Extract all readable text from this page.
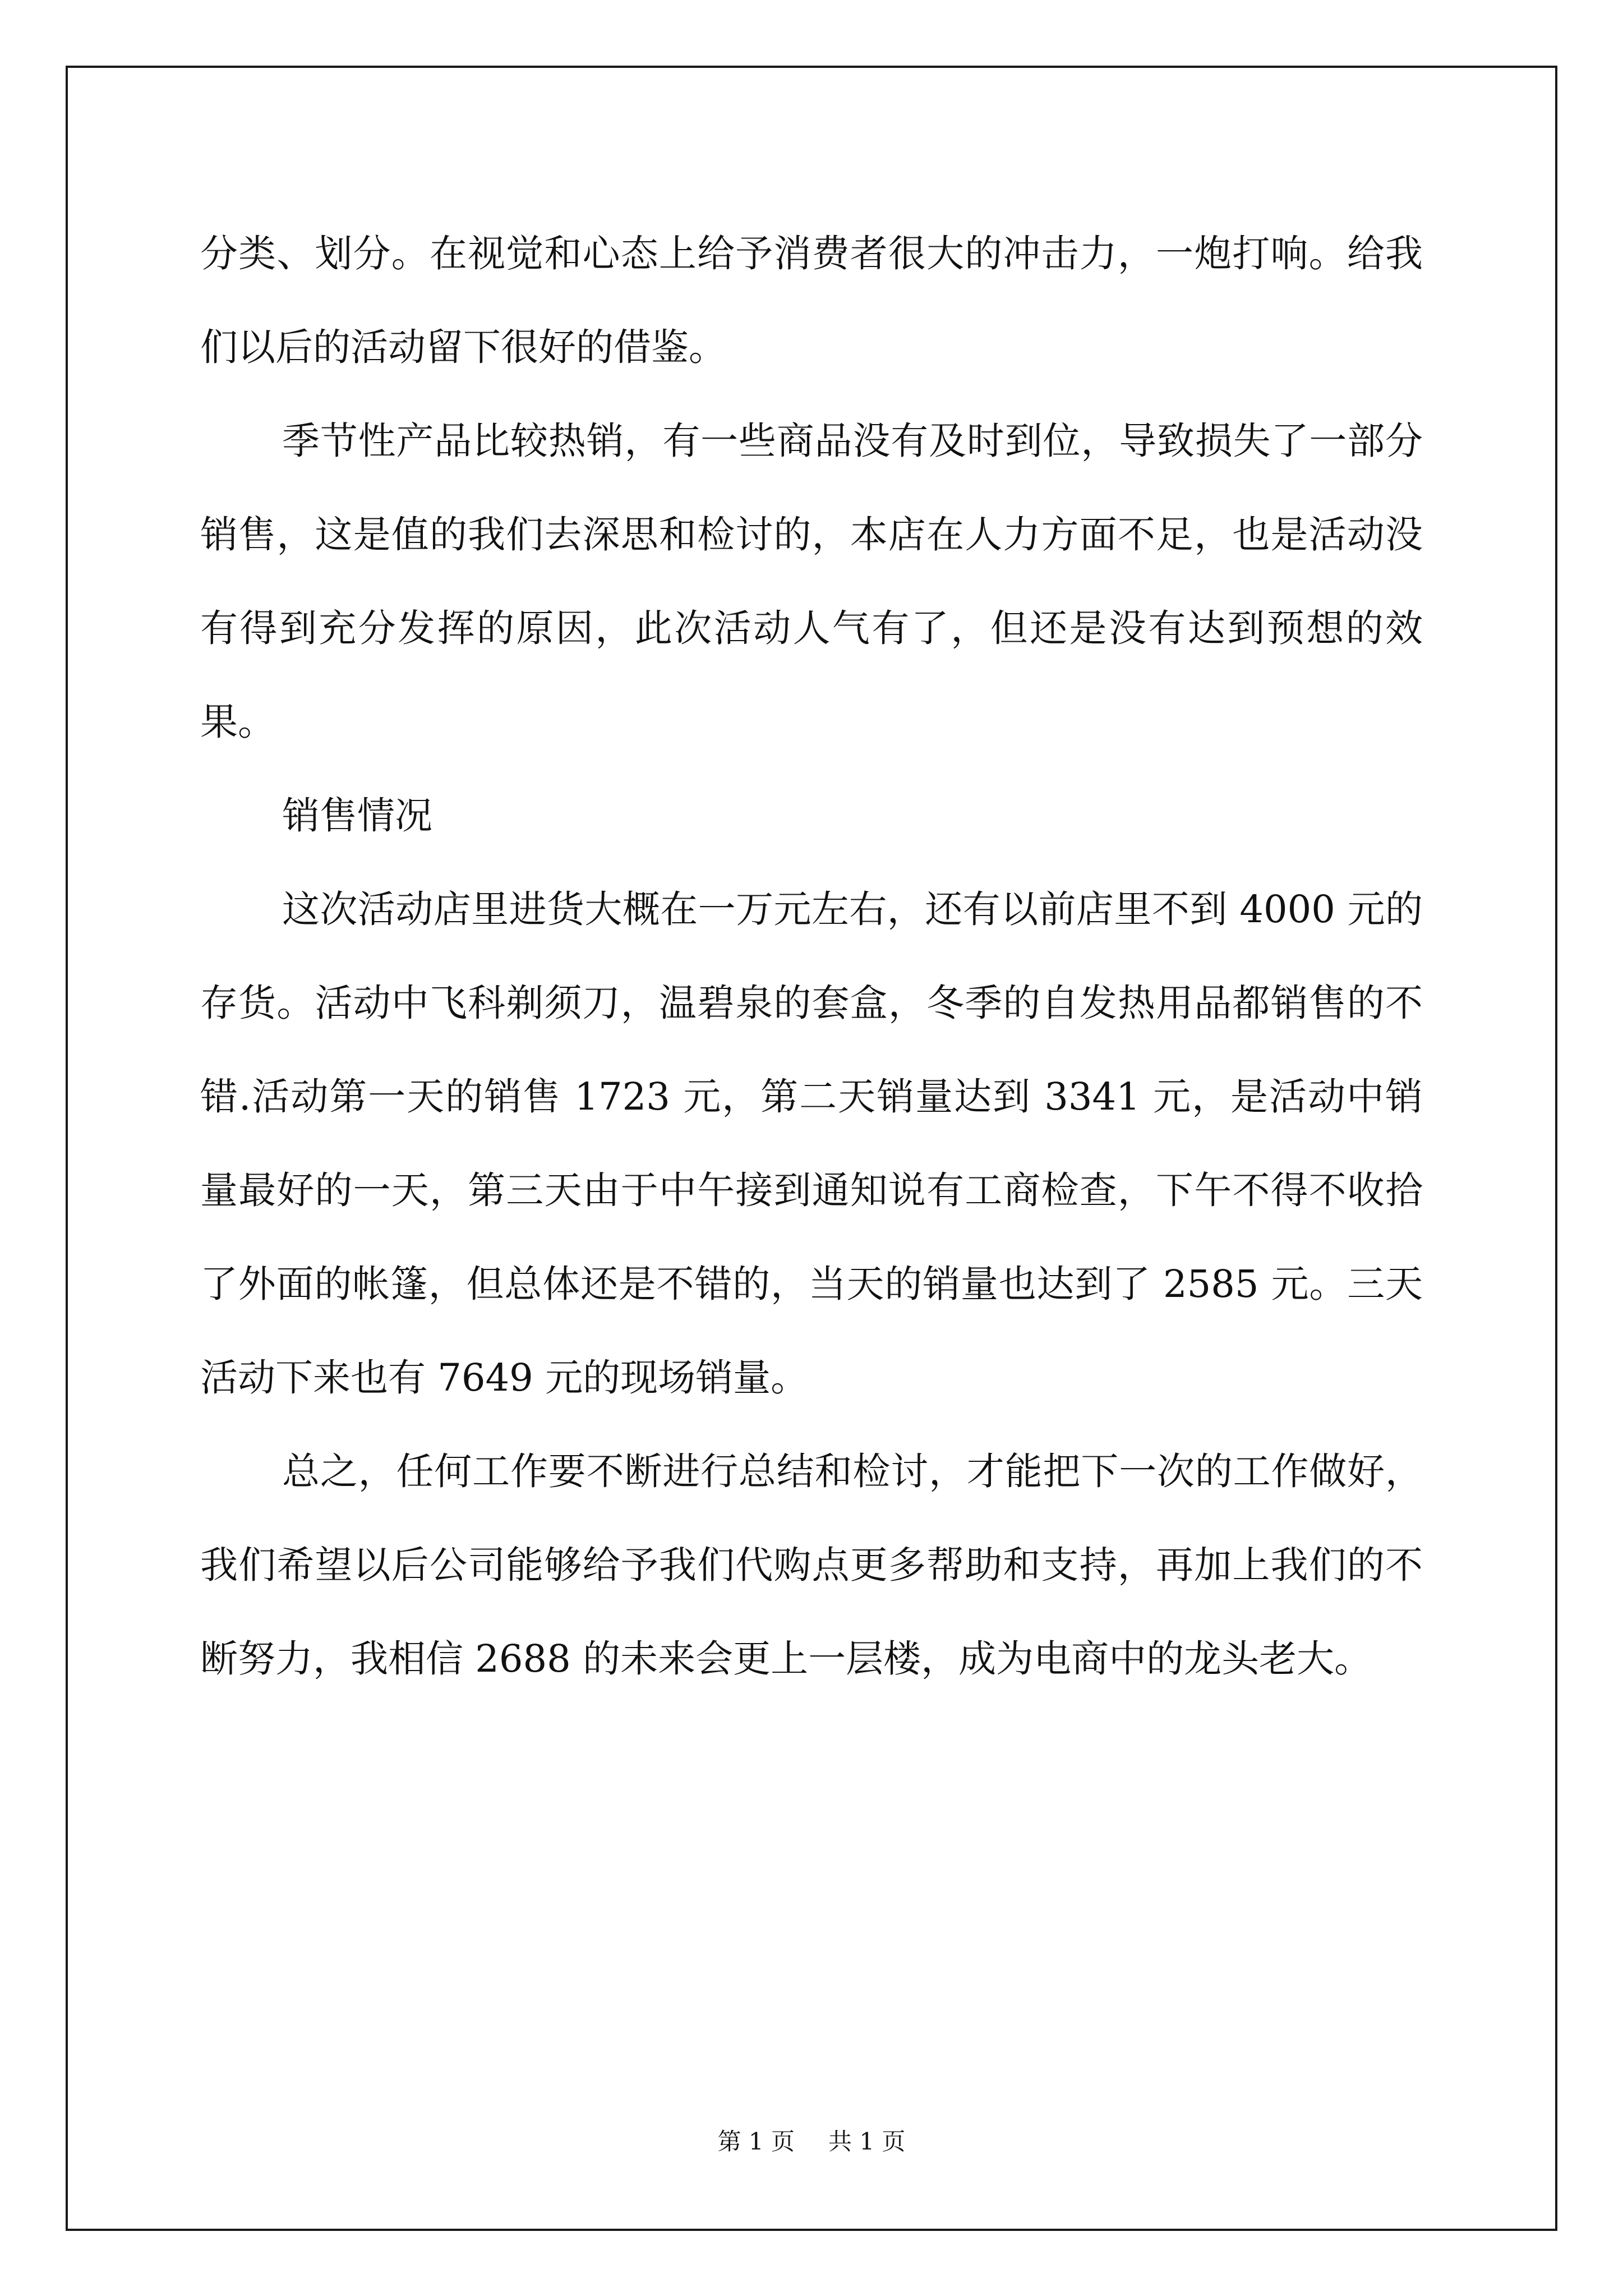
分类、划分。在视觉和心态上给予消费者很大的冲击力，一炮打响。给我们以后的活动留下很好的借鉴。

季节性产品比较热销，有一些商品没有及时到位，导致损失了一部分销售，这是值的我们去深思和检讨的，本店在人力方面不足，也是活动没有得到充分发挥的原因，此次活动人气有了，但还是没有达到预想的效果。

销售情况

这次活动店里进货大概在一万元左右，还有以前店里不到 4000 元的存货。活动中飞科剃须刀，温碧泉的套盒，冬季的自发热用品都销售的不错.活动第一天的销售 1723 元，第二天销量达到 3341 元，是活动中销量最好的一天，第三天由于中午接到通知说有工商检查，下午不得不收拾了外面的帐篷，但总体还是不错的，当天的销量也达到了 2585 元。三天活动下来也有 7649 元的现场销量。

总之，任何工作要不断进行总结和检讨，才能把下一次的工作做好，我们希望以后公司能够给予我们代购点更多帮助和支持，再加上我们的不断努力，我相信 2688 的未来会更上一层楼，成为电商中的龙头老大。

第 1 页 共 1 页
